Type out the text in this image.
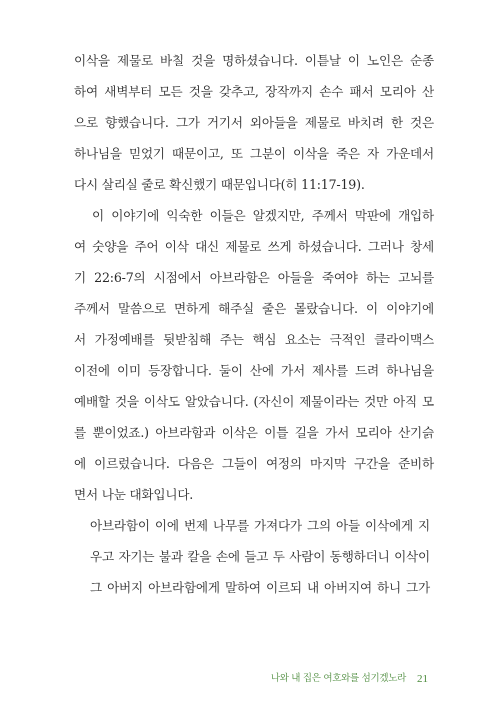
이삭을 제물로 바칠 것을 명하셨습니다. 이튿날 이 노인은 순종
하여 새벽부터 모든 것을 갖추고, 장작까지 손수 패서 모리아 산
으로 향했습니다. 그가 거기서 외아들을 제물로 바치려 한 것은
하나님을 믿었기 때문이고, 또 그분이 이삭을 죽은 자 가운데서
다시 살리실 줄로 확신했기 때문입니다(히 11:17-19).
이 이야기에 익숙한 이들은 알겠지만, 주께서 막판에 개입하
여 숫양을 주어 이삭 대신 제물로 쓰게 하셨습니다. 그러나 창세
기 22:6-7의 시점에서 아브라함은 아들을 죽여야 하는 고뇌를
주께서 말씀으로 면하게 해주실 줄은 몰랐습니다. 이 이야기에
서 가정예배를 뒷받침해 주는 핵심 요소는 극적인 클라이맥스
이전에 이미 등장합니다. 둘이 산에 가서 제사를 드려 하나님을
예배할 것을 이삭도 알았습니다. (자신이 제물이라는 것만 아직 모
를 뿐이었죠.) 아브라함과 이삭은 이틀 길을 가서 모리아 산기슭
에 이르렀습니다. 다음은 그들이 여정의 마지막 구간을 준비하
면서 나눈 대화입니다.
아브라함이 이에 번제 나무를 가져다가 그의 아들 이삭에게 지
우고 자기는 불과 칼을 손에 들고 두 사람이 동행하더니 이삭이
그 아버지 아브라함에게 말하여 이르되 내 아버지여 하니 그가
나와 내 집은 여호와를 섬기겠노라 21
